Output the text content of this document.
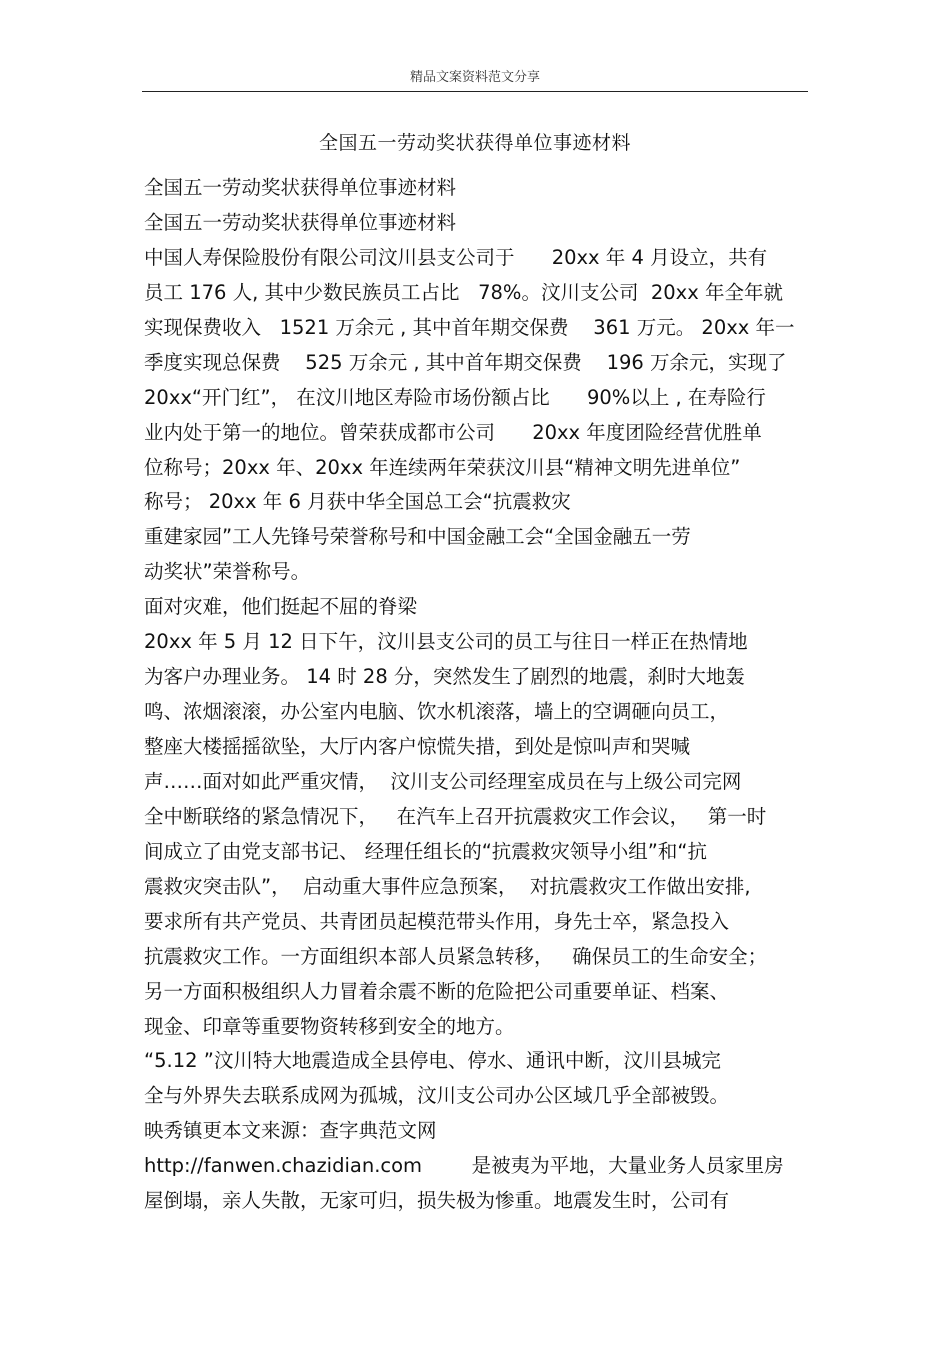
精品文案资料范文分享
全国五一劳动奖状获得单位事迹材料
全国五一劳动奖状获得单位事迹材料
全国五一劳动奖状获得单位事迹材料
中国人寿保险股份有限公司汶川县支公司于      20xx 年 4 月设立，共有
员工 176 人, 其中少数民族员工占比   78%。汶川支公司  20xx 年全年就
实现保费收入   1521 万余元 , 其中首年期交保费    361 万元。 20xx 年一
季度实现总保费    525 万余元 , 其中首年期交保费    196 万余元，实现了
20xx“开门红”， 在汶川地区寿险市场份额占比      90%以上 , 在寿险行
业内处于第一的地位。曾荣获成都市公司      20xx 年度团险经营优胜单
位称号；20xx 年、20xx 年连续两年荣获汶川县“精神文明先进单位”
称号； 20xx 年 6 月获中华全国总工会“抗震救灾
重建家园”工人先锋号荣誉称号和中国金融工会“全国金融五一劳
动奖状”荣誉称号。
面对灾难，他们挺起不屈的脊梁
20xx 年 5 月 12 日下午，汶川县支公司的员工与往日一样正在热情地
为客户办理业务。 14 时 28 分，突然发生了剧烈的地震，刹时大地轰
鸣、浓烟滚滚，办公室内电脑、饮水机滚落，墙上的空调砸向员工，
整座大楼摇摇欲坠，大厅内客户惊慌失措，到处是惊叫声和哭喊
声……面对如此严重灾情，  汶川支公司经理室成员在与上级公司完网
全中断联络的紧急情况下，   在汽车上召开抗震救灾工作会议，   第一时
间成立了由党支部书记、 经理任组长的“抗震救灾领导小组”和“抗
震救灾突击队”，  启动重大事件应急预案，  对抗震救灾工作做出安排,
要求所有共产党员、共青团员起模范带头作用，身先士卒，紧急投入
抗震救灾工作。一方面组织本部人员紧急转移，   确保员工的生命安全；
另一方面积极组织人力冒着余震不断的危险把公司重要单证、档案、
现金、印章等重要物资转移到安全的地方。
“5.12 ”汶川特大地震造成全县停电、停水、通讯中断，汶川县城完
全与外界失去联系成网为孤城，汶川支公司办公区域几乎全部被毁。
映秀镇更本文来源：查字典范文网
http://fanwen.chazidian.com        是被夷为平地，大量业务人员家里房
屋倒塌，亲人失散，无家可归，损失极为惨重。地震发生时，公司有
